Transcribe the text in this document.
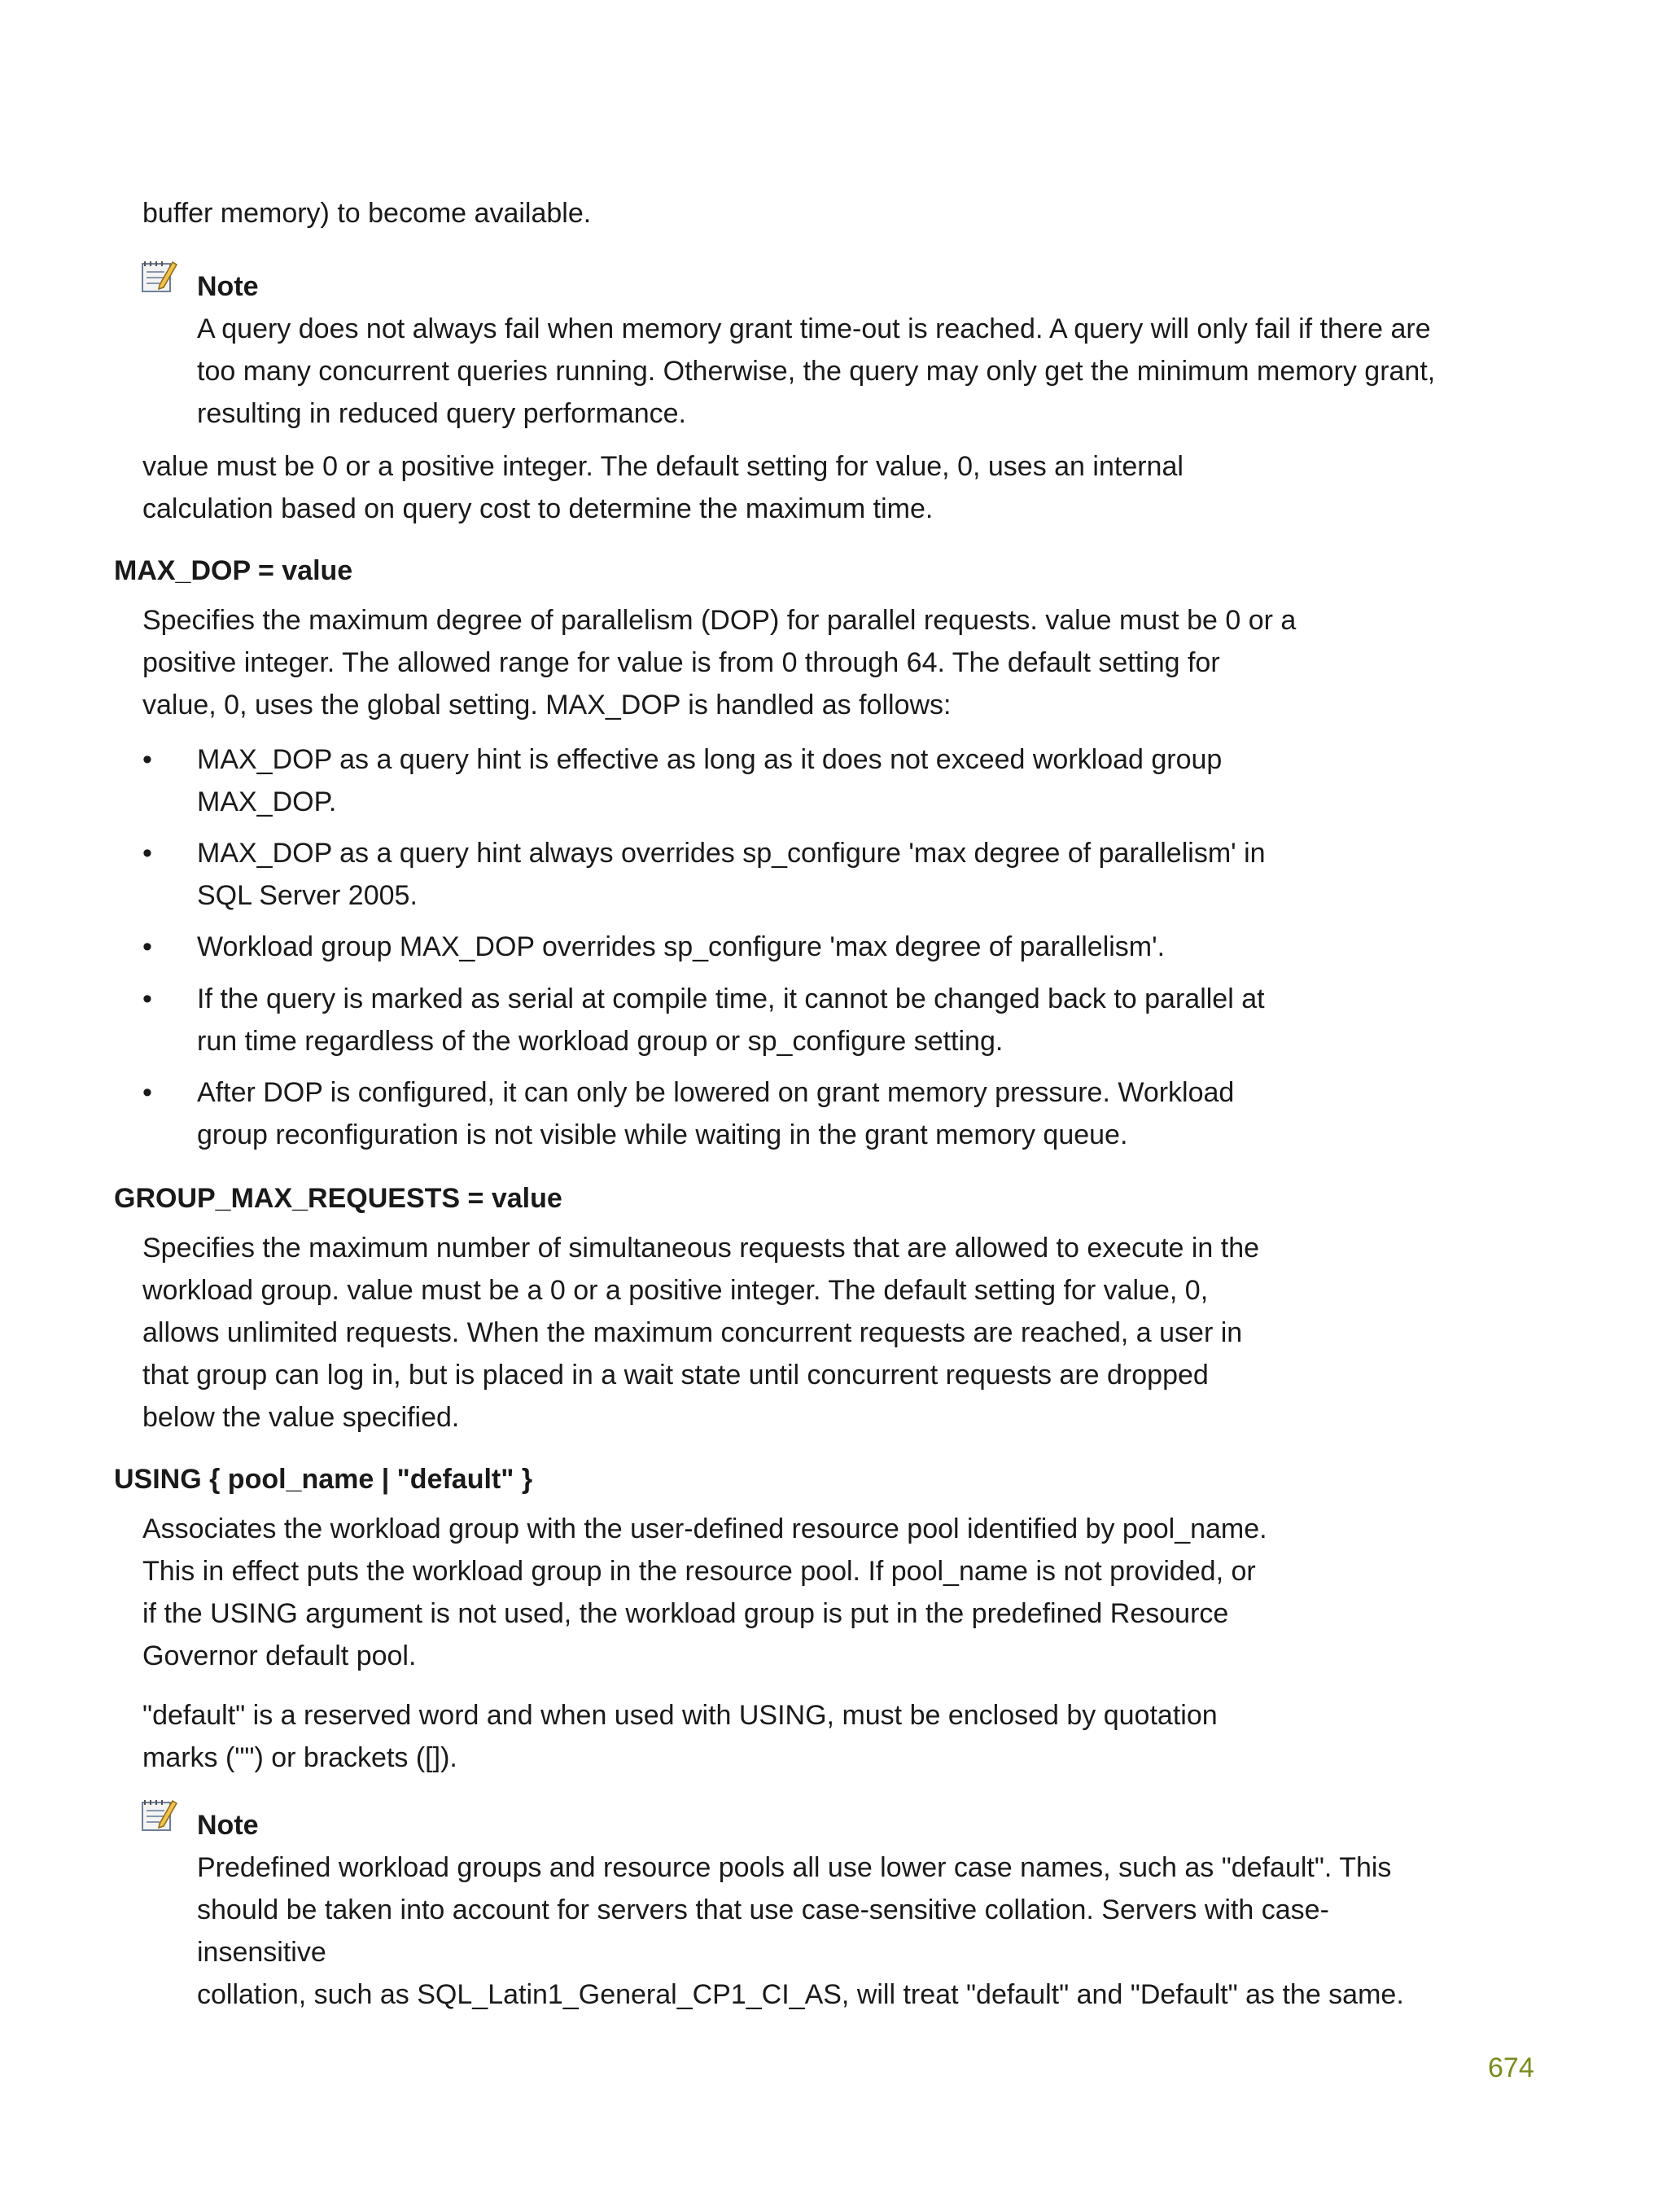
buffer memory) to become available.
Note
A query does not always fail when memory grant time-out is reached. A query will only fail if there are
too many concurrent queries running. Otherwise, the query may only get the minimum memory grant,
resulting in reduced query performance.
value must be 0 or a positive integer. The default setting for value, 0, uses an internal
calculation based on query cost to determine the maximum time.
MAX_DOP = value
Specifies the maximum degree of parallelism (DOP) for parallel requests. value must be 0 or a
positive integer. The allowed range for value is from 0 through 64. The default setting for
value, 0, uses the global setting. MAX_DOP is handled as follows:
•	MAX_DOP as a query hint is effective as long as it does not exceed workload group
MAX_DOP.
•	MAX_DOP as a query hint always overrides sp_configure 'max degree of parallelism' in
SQL Server 2005.
•	Workload group MAX_DOP overrides sp_configure 'max degree of parallelism'.
•	If the query is marked as serial at compile time, it cannot be changed back to parallel at
run time regardless of the workload group or sp_configure setting.
•	After DOP is configured, it can only be lowered on grant memory pressure. Workload
group reconfiguration is not visible while waiting in the grant memory queue.
GROUP_MAX_REQUESTS = value
Specifies the maximum number of simultaneous requests that are allowed to execute in the
workload group. value must be a 0 or a positive integer. The default setting for value, 0,
allows unlimited requests. When the maximum concurrent requests are reached, a user in
that group can log in, but is placed in a wait state until concurrent requests are dropped
below the value specified.
USING { pool_name | "default" }
Associates the workload group with the user-defined resource pool identified by pool_name.
This in effect puts the workload group in the resource pool. If pool_name is not provided, or
if the USING argument is not used, the workload group is put in the predefined Resource
Governor default pool.
"default" is a reserved word and when used with USING, must be enclosed by quotation
marks ("") or brackets ([]).
Note
Predefined workload groups and resource pools all use lower case names, such as "default". This
should be taken into account for servers that use case-sensitive collation. Servers with case-insensitive
collation, such as SQL_Latin1_General_CP1_CI_AS, will treat "default" and "Default" as the same.
674
